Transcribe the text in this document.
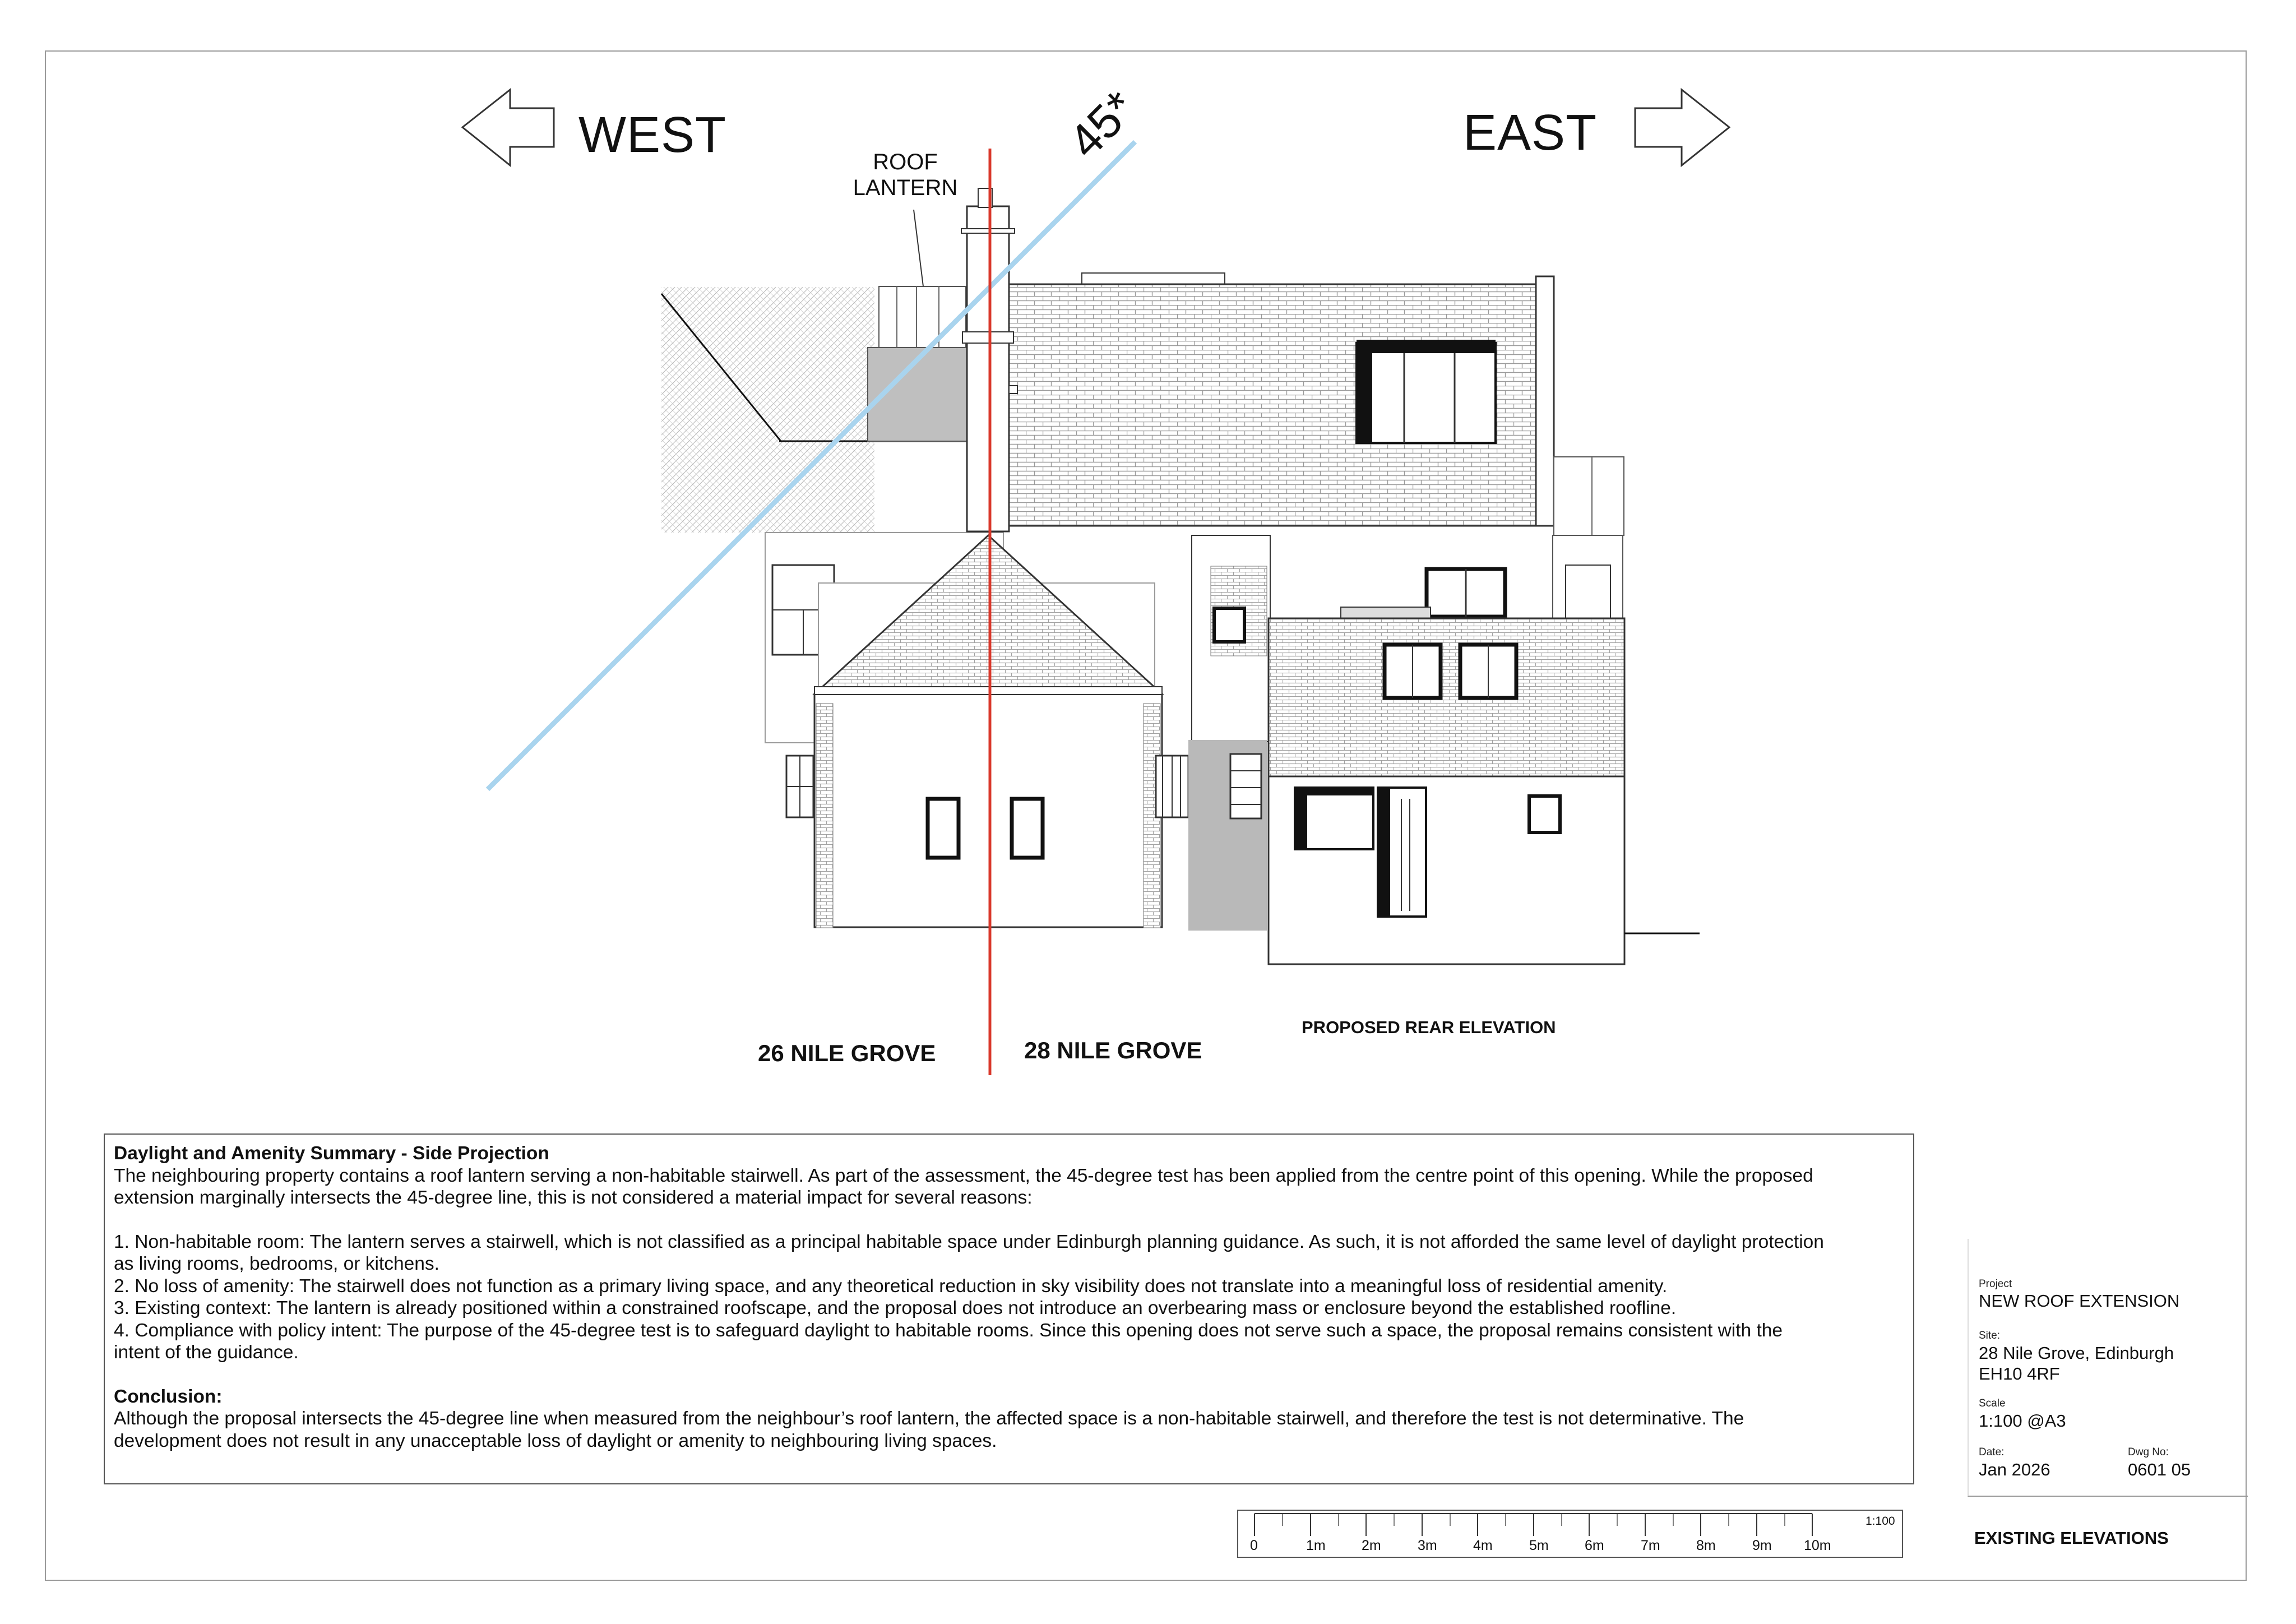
45*
WEST	EAST
ROOF
LANTERN
26 NILE GROVE	28 NILE GROVE
PROPOSED REAR ELEVATION
Daylight and Amenity Summary - Side Projection
The neighbouring property contains a roof lantern serving a non-habitable stairwell. As part of the assessment, the 45-degree test has been applied from the centre point of this opening. While the proposed
extension marginally intersects the 45-degree line, this is not considered a material impact for several reasons:
1. Non-habitable room: The lantern serves a stairwell, which is not classified as a principal habitable space under Edinburgh planning guidance. As such, it is not afforded the same level of daylight protection
as living rooms, bedrooms, or kitchens.
2. No loss of amenity: The stairwell does not function as a primary living space, and any theoretical reduction in sky visibility does not translate into a meaningful loss of residential amenity.
3. Existing context: The lantern is already positioned within a constrained roofscape, and the proposal does not introduce an overbearing mass or enclosure beyond the established roofline.
4. Compliance with policy intent: The purpose of the 45-degree test is to safeguard daylight to habitable rooms. Since this opening does not serve such a space, the proposal remains consistent with the
intent of the guidance.
Conclusion:
Although the proposal intersects the 45-degree line when measured from the neighbour’s roof lantern, the affected space is a non-habitable stairwell, and therefore the test is not determinative. The
development does not result in any unacceptable loss of daylight or amenity to neighbouring living spaces.
Project
NEW ROOF EXTENSION
Site:
28 Nile Grove, Edinburgh
EH10 4RF
Scale
1:100 @A3
Date:
Jan 2026
Dwg No:
0601 05
EXISTING ELEVATIONS
1:100
0	1m	2m	3m	4m	5m	6m	7m	8m	9m 10m
